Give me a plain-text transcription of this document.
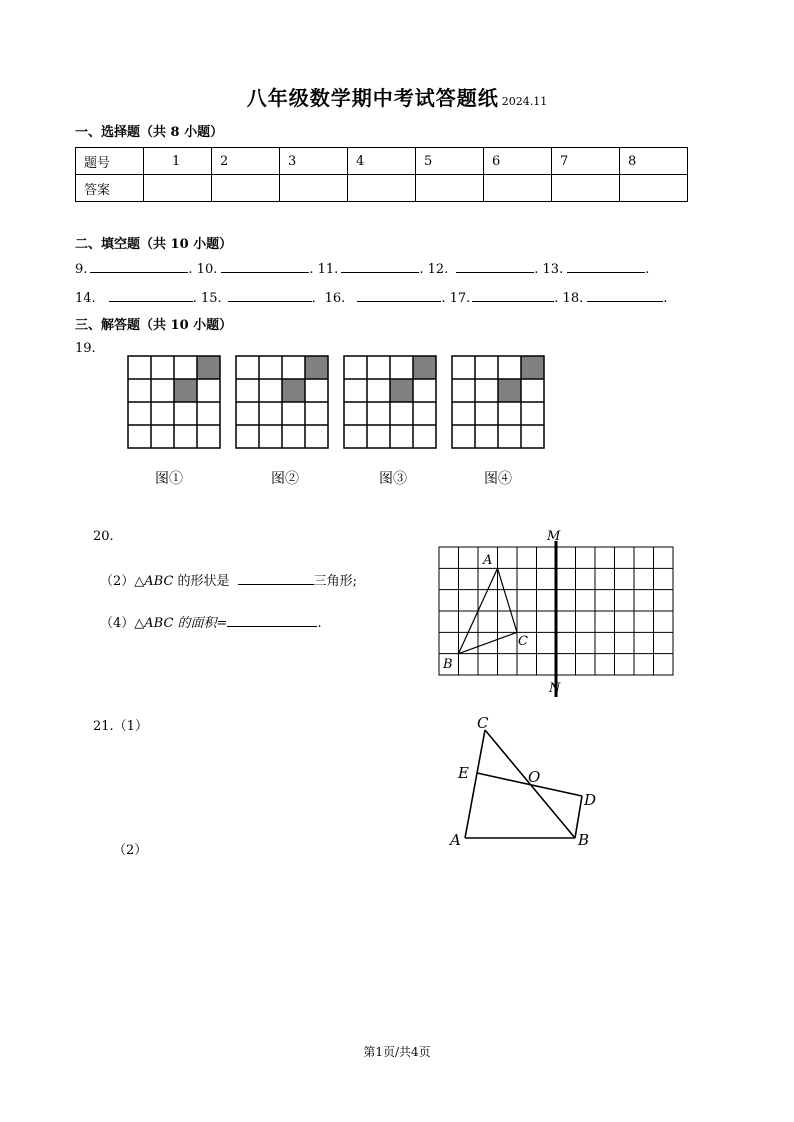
八年级数学期中考试答题纸 2024.11
一、选择题（共 8 小题）
题号	1	2	3	4	5	6	7	8
答案								
二、填空题（共 10 小题）
9.	. 10.	. 11.	. 12.	. 13.	.
14.	. 15.	．16.	. 17.	. 18.	.
三、解答题（共 10 小题）
19.
图①	图②	图③	图④
20.
（2）△ABC 的形状是	三角形;
（4）△ABC 的面积=	.
M
N
A
C
B
21.（1）
（2）
C
E	O
D
A	B
第1页/共4页
